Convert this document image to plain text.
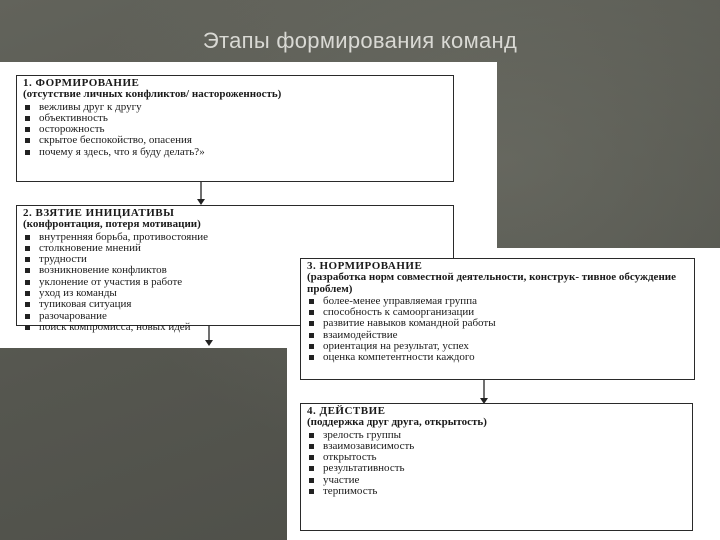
Этапы формирования команд
1. ФОРМИРОВАНИЕ
(отсутствие личных конфликтов/ настороженность)
вежливы друг к другу
объективность
осторожность
скрытое беспокойство, опасения
почему я здесь, что я буду делать?»
2. ВЗЯТИЕ ИНИЦИАТИВЫ
(конфронтация, потеря мотивации)
внутренняя борьба, противостояние
столкновение мнений
трудности
возникновение конфликтов
уклонение от участия в работе
уход из команды
тупиковая ситуация
разочарование
поиск компромисса, новых идей
3. НОРМИРОВАНИЕ
(разработка норм совместной деятельности, конструк- тивное обсуждение проблем)
более-менее управляемая группа
способность к самоорганизации
развитие навыков командной работы
взаимодействие
ориентация на результат, успех
оценка компетентности каждого
4. ДЕЙСТВИЕ
(поддержка друг друга, открытость)
зрелость группы
взаимозависимость
открытость
результативность
участие
терпимость
